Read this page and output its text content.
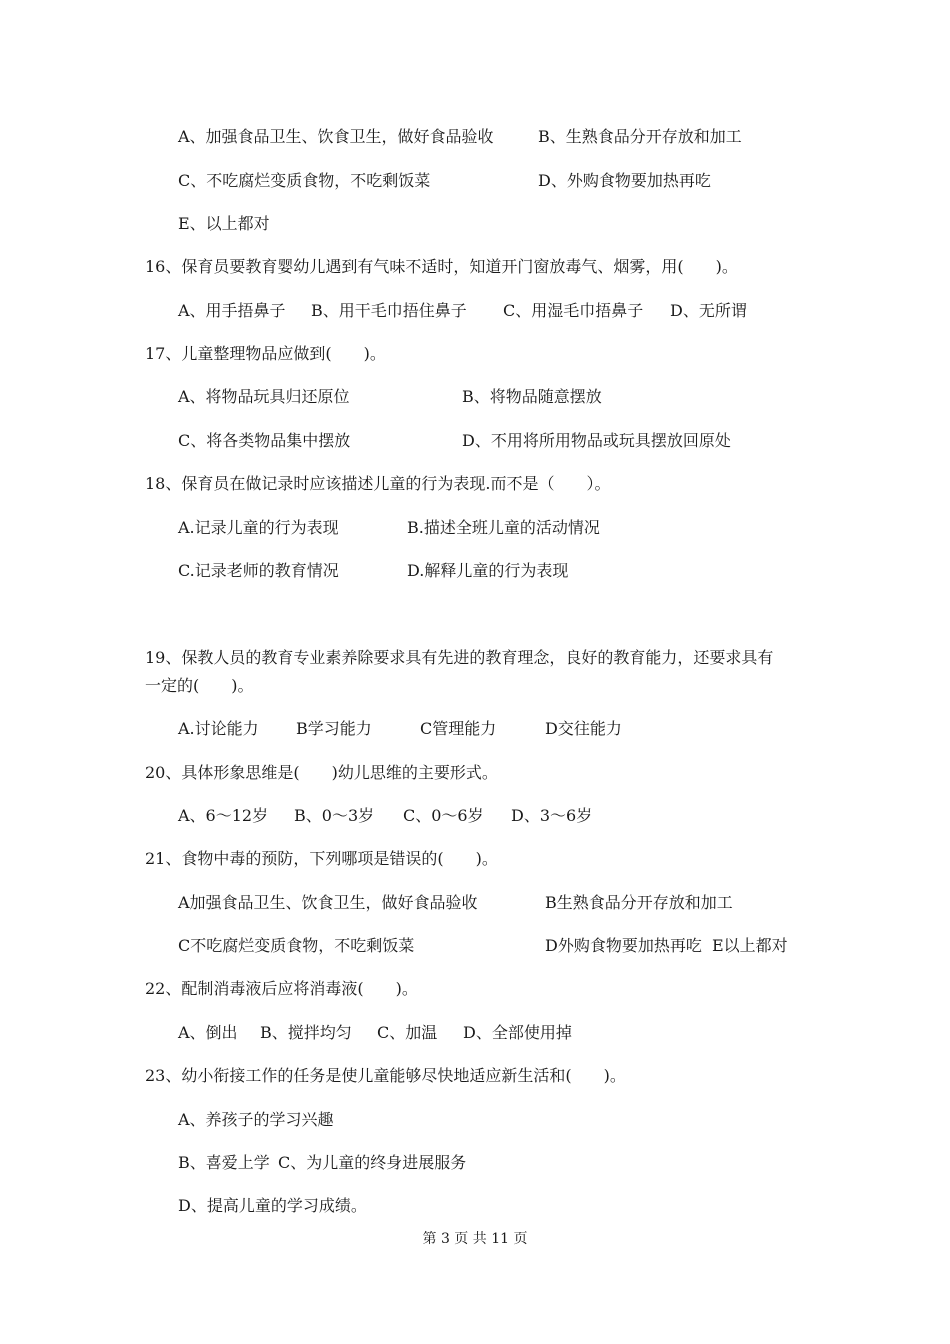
A、加强食品卫生、饮食卫生，做好食品验收	B、生熟食品分开存放和加工
C、不吃腐烂变质食物，不吃剩饭菜	D、外购食物要加热再吃
E、以上都对
16、保育员要教育婴幼儿遇到有气味不适时，知道开门窗放毒气、烟雾，用(　　)。
A、用手捂鼻子 B、用干毛巾捂住鼻子 C、用湿毛巾捂鼻子 D、无所谓
17、儿童整理物品应做到(　　)。
A、将物品玩具归还原位	B、将物品随意摆放
C、将各类物品集中摆放	D、不用将所用物品或玩具摆放回原处
18、保育员在做记录时应该描述儿童的行为表现.而不是（　　）。
A.记录儿童的行为表现	B.描述全班儿童的活动情况
C.记录老师的教育情况	D.解释儿童的行为表现
19、保教人员的教育专业素养除要求具有先进的教育理念，良好的教育能力，还要求具有
一定的(　　)。
A.讨论能力 B学习能力	C管理能力	D交往能力
20、具体形象思维是(　　)幼儿思维的主要形式。
A、6～12岁 B、0～3岁 C、0～6岁 D、3～6岁
21、食物中毒的预防，下列哪项是错误的(　　)。
A加强食品卫生、饮食卫生，做好食品验收	B生熟食品分开存放和加工
C不吃腐烂变质食物，不吃剩饭菜	D外购食物要加热再吃 E以上都对
22、配制消毒液后应将消毒液(　　)。
A、倒出 B、搅拌均匀 C、加温 D、全部使用掉
23、幼小衔接工作的任务是使儿童能够尽快地适应新生活和(　　)。
A、养孩子的学习兴趣
B、喜爱上学 C、为儿童的终身进展服务
D、提高儿童的学习成绩。
第 3 页 共 11 页
